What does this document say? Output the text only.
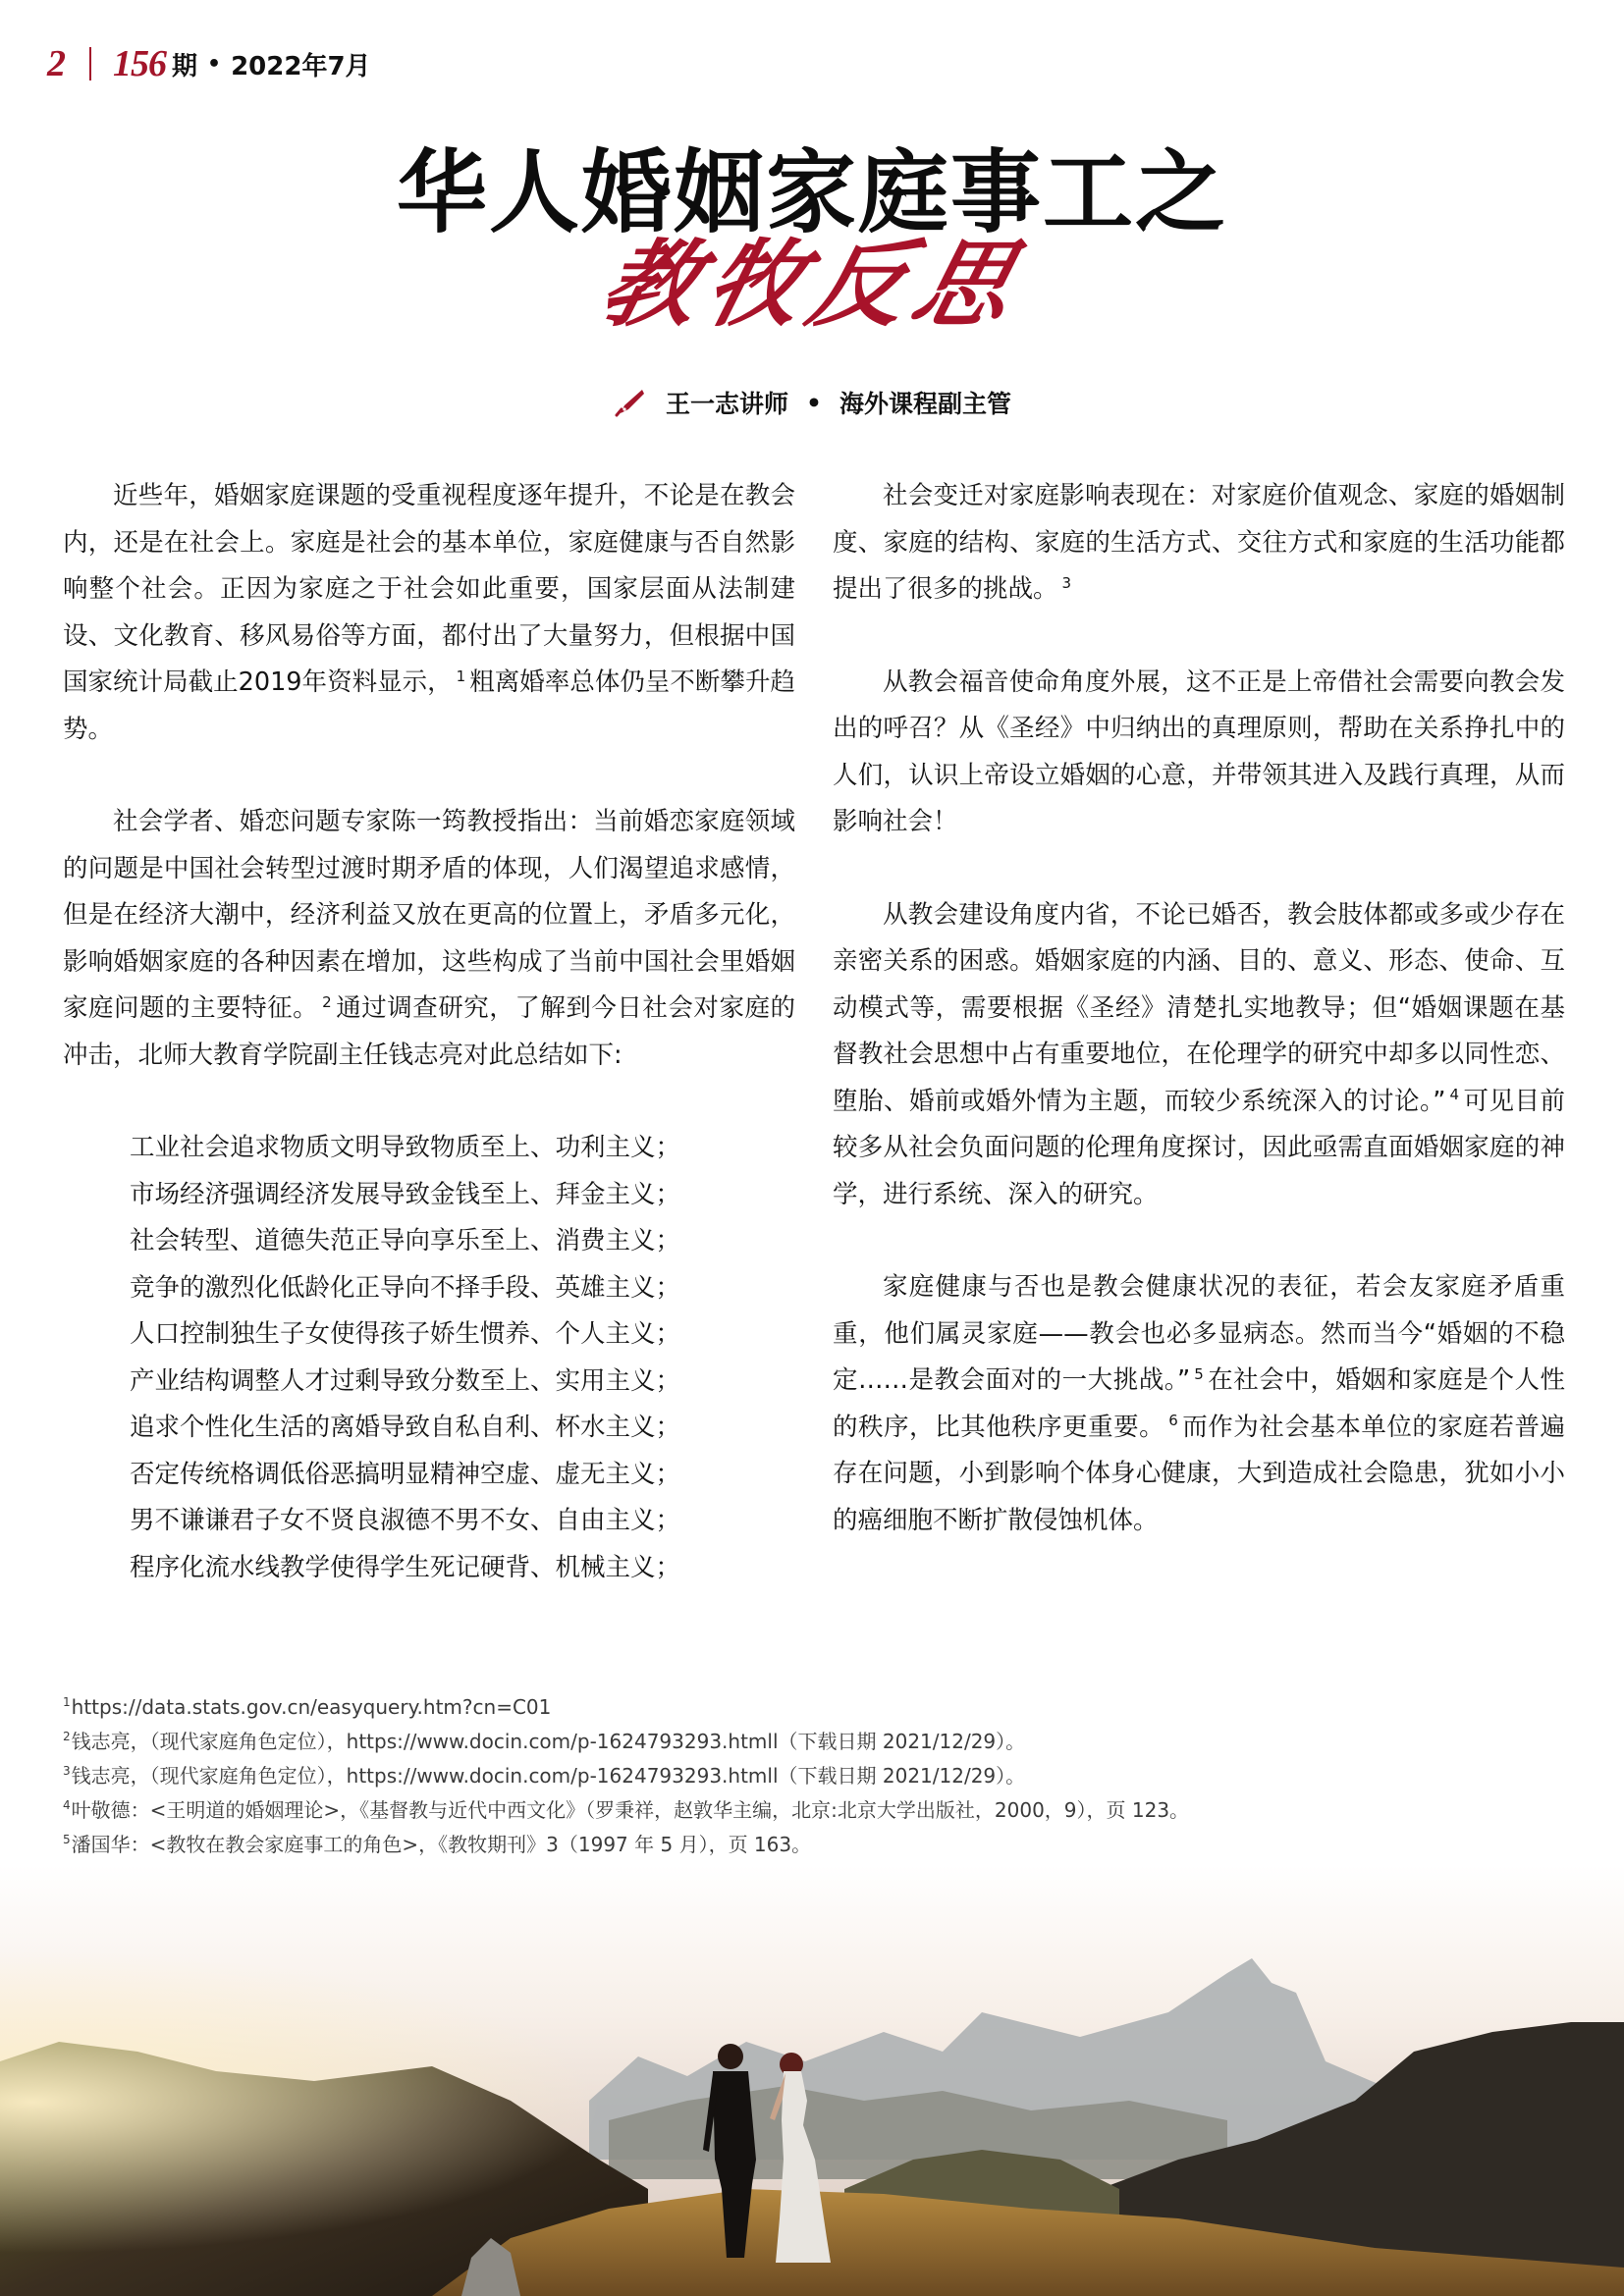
2 156 期 • 2022年7月
华人婚姻家庭事工之
教牧反思
王一志讲师 • 海外课程副主管

近些年，婚姻家庭课题的受重视程度逐年提升，不论是在教会内，还是在社会上。家庭是社会的基本单位，家庭健康与否自然影响整个社会。正因为家庭之于社会如此重要，国家层面从法制建设、文化教育、移风易俗等方面，都付出了大量努力，但根据中国国家统计局截止2019年资料显示， $^1$ 粗离婚率总体仍呈不断攀升趋势。

社会学者、婚恋问题专家陈一筠教授指出：当前婚恋家庭领域的问题是中国社会转型过渡时期矛盾的体现，人们渴望追求感情，但是在经济大潮中，经济利益又放在更高的位置上，矛盾多元化，影响婚姻家庭的各种因素在增加，这些构成了当前中国社会里婚姻家庭问题的主要特征。 $^2$ 通过调查研究，了解到今日社会对家庭的冲击，北师大教育学院副主任钱志亮对此总结如下:

工业社会追求物质文明导致物质至上、功利主义；
市场经济强调经济发展导致金钱至上、拜金主义；
社会转型、道德失范正导向享乐至上、消费主义；
竞争的激烈化低龄化正导向不择手段、英雄主义；
人口控制独生子女使得孩子娇生惯养、个人主义；
产业结构调整人才过剩导致分数至上、实用主义；
追求个性化生活的离婚导致自私自利、杯水主义；
否定传统格调低俗恶搞明显精神空虚、虚无主义；
男不谦谦君子女不贤良淑德不男不女、自由主义；
程序化流水线教学使得学生死记硬背、机械主义；

社会变迁对家庭影响表现在：对家庭价值观念、家庭的婚姻制度、家庭的结构、家庭的生活方式、交往方式和家庭的生活功能都提出了很多的挑战。 $^3$

从教会福音使命角度外展，这不正是上帝借社会需要向教会发出的呼召？从《圣经》中归纳出的真理原则，帮助在关系挣扎中的人们，认识上帝设立婚姻的心意，并带领其进入及践行真理，从而影响社会！

从教会建设角度内省，不论已婚否，教会肢体都或多或少存在亲密关系的困惑。婚姻家庭的内涵、目的、意义、形态、使命、互动模式等，需要根据《圣经》清楚扎实地教导；但“婚姻课题在基督教社会思想中占有重要地位，在伦理学的研究中却多以同性恋、堕胎、婚前或婚外情为主题，而较少系统深入的讨论。” $^4$ 可见目前较多从社会负面问题的伦理角度探讨，因此亟需直面婚姻家庭的神学，进行系统、深入的研究。

家庭健康与否也是教会健康状况的表征，若会友家庭矛盾重重，他们属灵家庭——教会也必多显病态。然而当今“婚姻的不稳定……是教会面对的一大挑战。” $^5$ 在社会中，婚姻和家庭是个人性的秩序，比其他秩序更重要。 $^6$ 而作为社会基本单位的家庭若普遍存在问题，小到影响个体身心健康，大到造成社会隐患，犹如小小的癌细胞不断扩散侵蚀机体。

$^1$https://data.stats.gov.cn/easyquery.htm?cn=C01
$^2$钱志亮，（现代家庭角色定位），https://www.docin.com/p-1624793293.htmll（下载日期 2021/12/29）。
$^3$钱志亮，（现代家庭角色定位），https://www.docin.com/p-1624793293.htmll（下载日期 2021/12/29）。
$^4$叶敬德：<王明道的婚姻理论>，《基督教与近代中西文化》（罗秉祥，赵敦华主编，北京:北京大学出版社，2000，9），页 123。
$^5$潘国华：<教牧在教会家庭事工的角色>，《教牧期刊》3（1997 年 5 月），页 163。
